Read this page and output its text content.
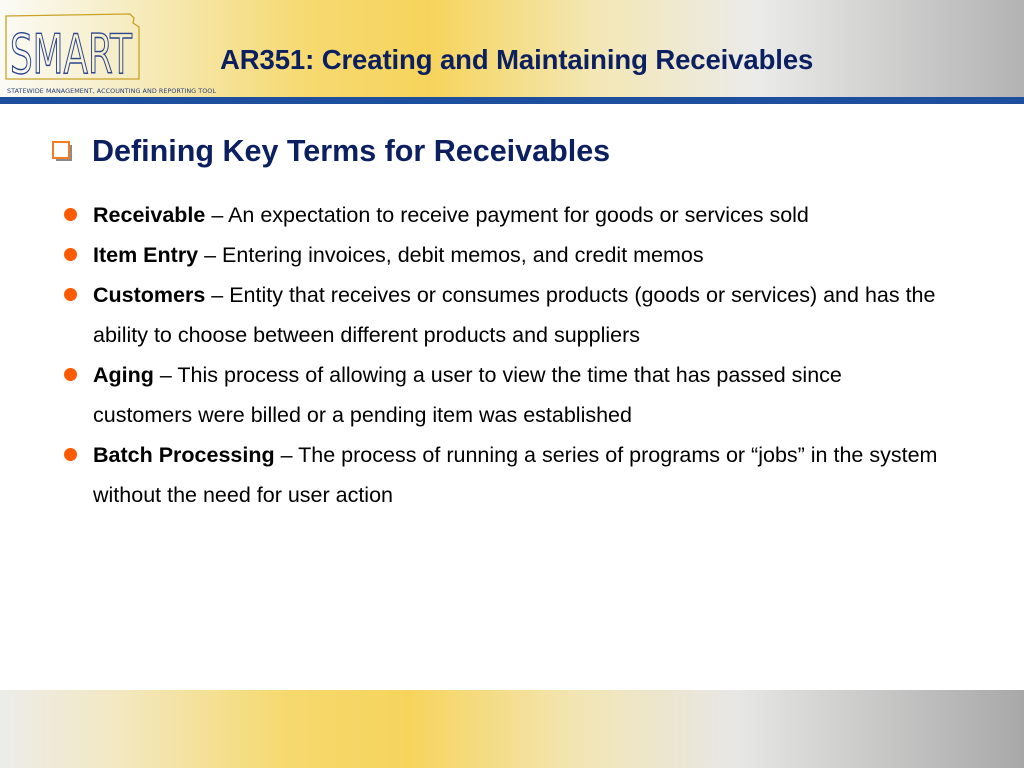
SMART
STATEWIDE MANAGEMENT, ACCOUNTING AND REPORTING TOOL
AR351: Creating and Maintaining Receivables
Defining Key Terms for Receivables
Receivable – An expectation to receive payment for goods or services sold
Item Entry – Entering invoices, debit memos, and credit memos
Customers – Entity that receives or consumes products (goods or services) and has the ability to choose between different products and suppliers
Aging – This process of allowing a user to view the time that has passed since customers were billed or a pending item was established
Batch Processing – The process of running a series of programs or “jobs” in the system without the need for user action
